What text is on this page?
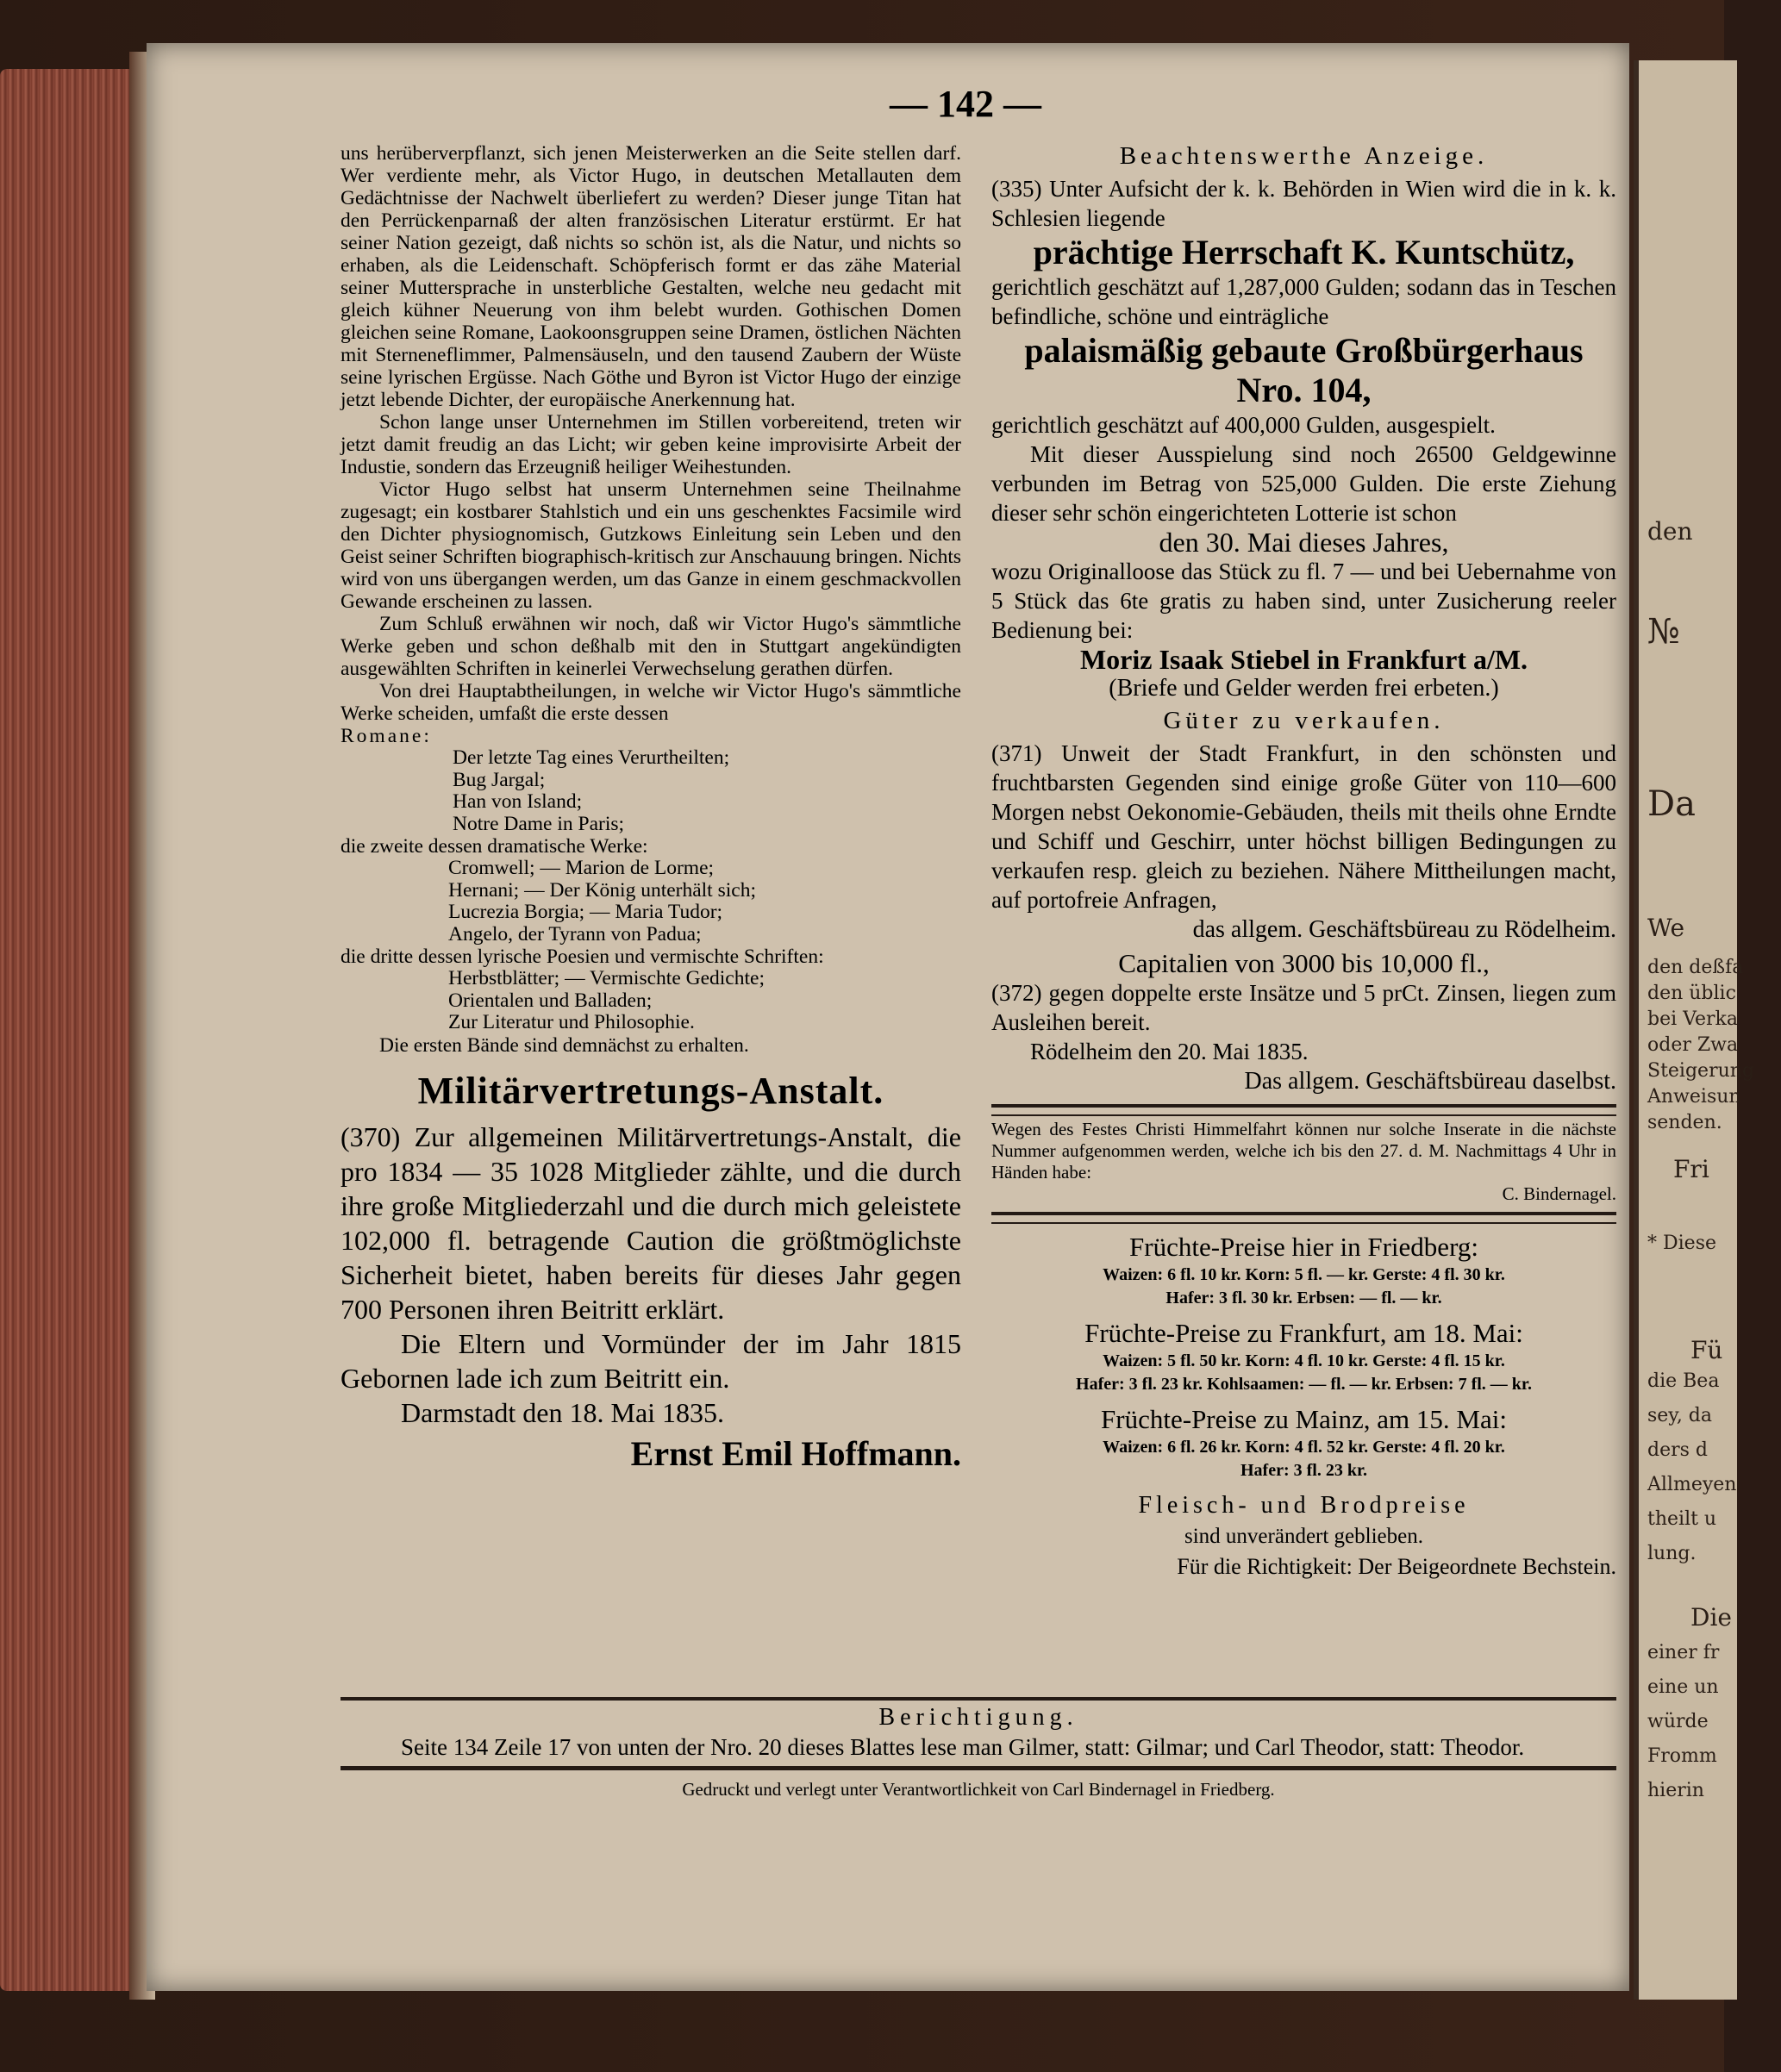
— 142 —

uns herüberverpflanzt, sich jenen Meisterwerken an die Seite stellen darf. Wer verdiente mehr, als Victor Hugo, in deutschen Metallauten dem Gedächtnisse der Nachwelt überliefert zu werden? Dieser junge Titan hat den Perrückenparnaß der alten französischen Literatur erstürmt. Er hat seiner Nation gezeigt, daß nichts so schön ist, als die Natur, und nichts so erhaben, als die Leidenschaft. Schöpferisch formt er das zähe Material seiner Muttersprache in unsterbliche Gestalten, welche neu gedacht mit gleich kühner Neuerung von ihm belebt wurden. Gothischen Domen gleichen seine Romane, Laokoonsgruppen seine Dramen, östlichen Nächten mit Sterneneflimmer, Palmensäuseln, und den tausend Zaubern der Wüste seine lyrischen Ergüsse. Nach Göthe und Byron ist Victor Hugo der einzige jetzt lebende Dichter, der europäische Anerkennung hat.

Schon lange unser Unternehmen im Stillen vorbereitend, treten wir jetzt damit freudig an das Licht; wir geben keine improvisirte Arbeit der Industie, sondern das Erzeugniß heiliger Weihestunden.

Victor Hugo selbst hat unserm Unternehmen seine Theilnahme zugesagt; ein kostbarer Stahlstich und ein uns geschenktes Facsimile wird den Dichter physiognomisch, Gutzkows Einleitung sein Leben und den Geist seiner Schriften biographisch-kritisch zur Anschauung bringen. Nichts wird von uns übergangen werden, um das Ganze in einem geschmackvollen Gewande erscheinen zu lassen.

Zum Schluß erwähnen wir noch, daß wir Victor Hugo's sämmtliche Werke geben und schon deßhalb mit den in Stuttgart angekündigten ausgewählten Schriften in keinerlei Verwechselung gerathen dürfen.

Von drei Hauptabtheilungen, in welche wir Victor Hugo's sämmtliche Werke scheiden, umfaßt die erste dessen

Romane:
Der letzte Tag eines Verurtheilten;
Bug Jargal;
Han von Island;
Notre Dame in Paris;
die zweite dessen dramatische Werke:
Cromwell; — Marion de Lorme;
Hernani; — Der König unterhält sich;
Lucrezia Borgia; — Maria Tudor;
Angelo, der Tyrann von Padua;
die dritte dessen lyrische Poesien und vermischte Schriften:
Herbstblätter; — Vermischte Gedichte;
Orientalen und Balladen;
Zur Literatur und Philosophie.
Die ersten Bände sind demnächst zu erhalten.
Militärvertretungs-Anstalt.

(370) Zur allgemeinen Militärvertretungs-Anstalt, die pro 1834 — 35 1028 Mitglieder zählte, und die durch ihre große Mitgliederzahl und die durch mich geleistete 102,000 fl. betragende Caution die größtmöglichste Sicherheit bietet, haben bereits für dieses Jahr gegen 700 Personen ihren Beitritt erklärt.

Die Eltern und Vormünder der im Jahr 1815 Gebornen lade ich zum Beitritt ein.

Darmstadt den 18. Mai 1835.

Ernst Emil Hoffmann.
Beachtenswerthe Anzeige.

(335) Unter Aufsicht der k. k. Behörden in Wien wird die in k. k. Schlesien liegende

prächtige Herrschaft K. Kuntschütz,

gerichtlich geschätzt auf 1,287,000 Gulden; sodann das in Teschen befindliche, schöne und einträgliche

palaismäßig gebaute Großbürgerhaus
Nro. 104,

gerichtlich geschätzt auf 400,000 Gulden, ausgespielt.

Mit dieser Ausspielung sind noch 26500 Geldgewinne verbunden im Betrag von 525,000 Gulden. Die erste Ziehung dieser sehr schön eingerichteten Lotterie ist schon

den 30. Mai dieses Jahres,

wozu Originalloose das Stück zu fl. 7 — und bei Uebernahme von 5 Stück das 6te gratis zu haben sind, unter Zusicherung reeler Bedienung bei:

Moriz Isaak Stiebel in Frankfurt a/M.
(Briefe und Gelder werden frei erbeten.)
Güter zu verkaufen.

(371) Unweit der Stadt Frankfurt, in den schönsten und fruchtbarsten Gegenden sind einige große Güter von 110—600 Morgen nebst Oekonomie-Gebäuden, theils mit theils ohne Erndte und Schiff und Geschirr, unter höchst billigen Bedingungen zu verkaufen resp. gleich zu beziehen. Nähere Mittheilungen macht, auf portofreie Anfragen,

das allgem. Geschäftsbüreau zu Rödelheim.
Capitalien von 3000 bis 10,000 fl.,

(372) gegen doppelte erste Insätze und 5 prCt. Zinsen, liegen zum Ausleihen bereit.

Rödelheim den 20. Mai 1835.

Das allgem. Geschäftsbüreau daselbst.

Wegen des Festes Christi Himmelfahrt können nur solche Inserate in die nächste Nummer aufgenommen werden, welche ich bis den 27. d. M. Nachmittags 4 Uhr in Händen habe:

C. Bindernagel.
Früchte-Preise hier in Friedberg:
Waizen: 6 fl. 10 kr. Korn: 5 fl. — kr. Gerste: 4 fl. 30 kr.
Hafer: 3 fl. 30 kr. Erbsen: — fl. — kr.
Früchte-Preise zu Frankfurt, am 18. Mai:
Waizen: 5 fl. 50 kr. Korn: 4 fl. 10 kr. Gerste: 4 fl. 15 kr.
Hafer: 3 fl. 23 kr. Kohlsaamen: — fl. — kr. Erbsen: 7 fl. — kr.
Früchte-Preise zu Mainz, am 15. Mai:
Waizen: 6 fl. 26 kr. Korn: 4 fl. 52 kr. Gerste: 4 fl. 20 kr.
Hafer: 3 fl. 23 kr.
Fleisch- und Brodpreise
sind unverändert geblieben.
Für die Richtigkeit: Der Beigeordnete Bechstein.
Berichtigung.

Seite 134 Zeile 17 von unten der Nro. 20 dieses Blattes lese man Gilmer, statt: Gilmar; und Carl Theodor, statt: Theodor.

Gedruckt und verlegt unter Verantwortlichkeit von Carl Bindernagel in Friedberg.
den
№
Da
We
den deßfa
den üblic
bei Verka
oder Zwa
Steigerung
Anweisun
senden.
Fri
* Diese
Fü
die Bea
sey, da
ders d
Allmeyen
theilt u
lung.
Die
einer fr
eine un
würde
Fromm
hierin
